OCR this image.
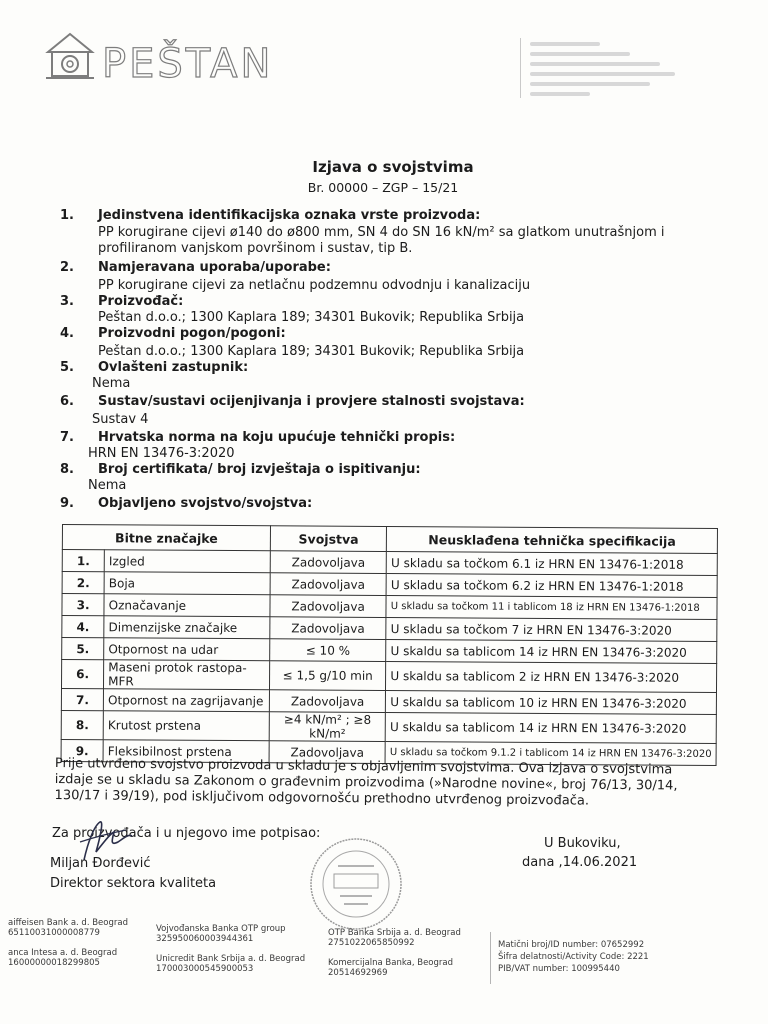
PEŠTAN
Izjava o svojstvima
Br. 00000 – ZGP – 15/21
1.	Jedinstvena identifikacijska oznaka vrste proizvoda:
PP korugirane cijevi ø140 do ø800 mm, SN 4 do SN 16 kN/m² sa glatkom unutrašnjom i
profiliranom vanjskom površinom i sustav, tip B.
2.	Namjeravana uporaba/uporabe:
PP korugirane cijevi za netlačnu podzemnu odvodnju i kanalizaciju
3.	Proizvođač:
Peštan d.o.o.; 1300 Kaplara 189; 34301 Bukovik; Republika Srbija
4.	Proizvodni pogon/pogoni:
Peštan d.o.o.; 1300 Kaplara 189; 34301 Bukovik; Republika Srbija
5.	Ovlašteni zastupnik:
Nema
6.	Sustav/sustavi ocijenjivanja i provjere stalnosti svojstava:
Sustav 4
7.	Hrvatska norma na koju upućuje tehnički propis:
HRN EN 13476-3:2020
8.	Broj certifikata/ broj izvještaja o ispitivanju:
Nema
9.	Objavljeno svojstvo/svojstva:
Bitne značajke		Svojstva	Neusklađena tehnička specifikacija
1.	Izgled	Zadovoljava	U skladu sa točkom 6.1 iz HRN EN 13476-1:2018
2.	Boja	Zadovoljava	U skladu sa točkom 6.2 iz HRN EN 13476-1:2018
3.	Označavanje	Zadovoljava	U skladu sa točkom 11 i tablicom 18 iz HRN EN 13476-1:2018
4.	Dimenzijske značajke	Zadovoljava	U skladu sa točkom 7 iz HRN EN 13476-3:2020
5.	Otpornost na udar	≤ 10 %	U skaldu sa tablicom 14 iz HRN EN 13476-3:2020
6.	Maseni protok rastopa-MFR	≤ 1,5 g/10 min	U skaldu sa tablicom 2 iz HRN EN 13476-3:2020
7.	Otpornost na zagrijavanje	Zadovoljava	U skaldu sa tablicom 10 iz HRN EN 13476-3:2020
8.	Krutost prstena	≥4 kN/m² ; ≥8 kN/m²	U skaldu sa tablicom 14 iz HRN EN 13476-3:2020
9.	Fleksibilnost prstena	Zadovoljava	U skladu sa točkom 9.1.2 i tablicom 14 iz HRN EN 13476-3:2020
Prije utvrđeno svojstvo proizvoda u skladu je s objavljenim svojstvima. Ova izjava o svojstvima
izdaje se u skladu sa Zakonom o građevnim proizvodima (»Narodne novine«, broj 76/13, 30/14,
130/17 i 39/19), pod isključivom odgovornošću prethodno utvrđenog proizvođača.
Za proizvođača i u njegovo ime potpisao:
Miljan Đorđević
Direktor sektora kvaliteta
U Bukoviku,
dana ,14.06.2021
aiffeisen Bank a. d. Beograd
651100310000087​79	Vojvođanska Banka OTP group
325950060003944361
OTP Banka Srbija a. d. Beograd
275102206585099​2
anca Intesa a. d. Beograd
1600000001829980​5	Unicredit Bank Srbija a. d. Beograd
1700030005459000​53
Komercijalna Banka, Beograd
20514692969
Matični broj/ID number: 07652992
Šifra delatnosti/Activity Code: 2221
PIB/VAT number: 100995440
